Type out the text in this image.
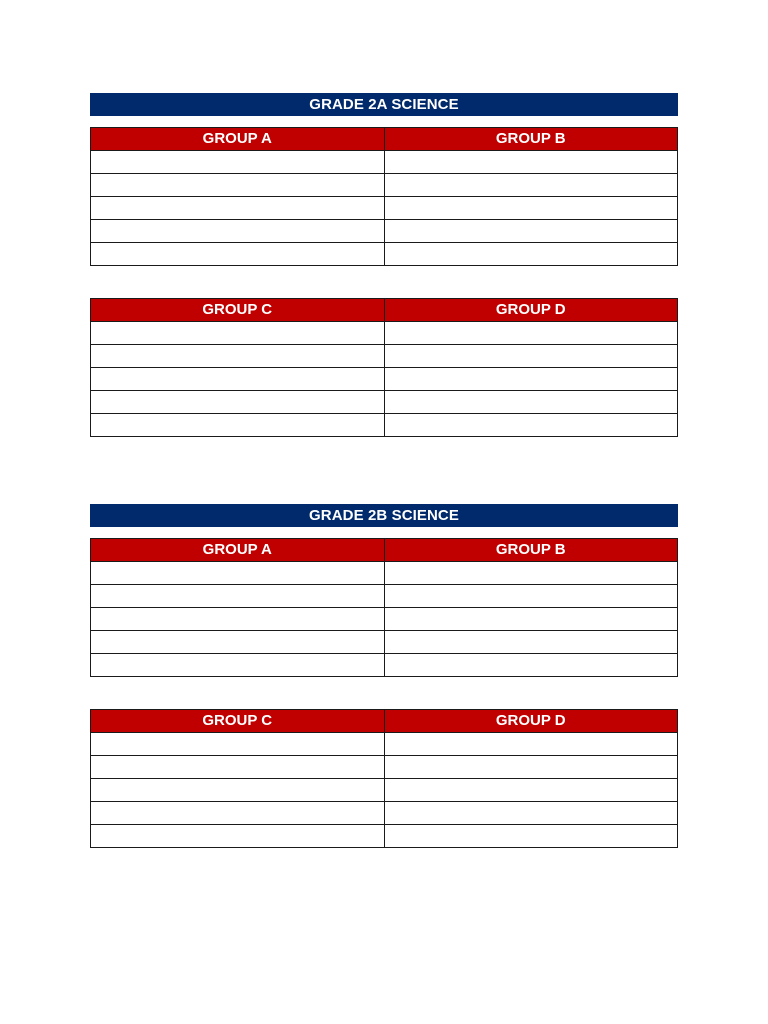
GRADE 2A SCIENCE
GROUP A	GROUP B

GROUP C	GROUP D

GRADE 2B SCIENCE
GROUP A	GROUP B

GROUP C	GROUP D
